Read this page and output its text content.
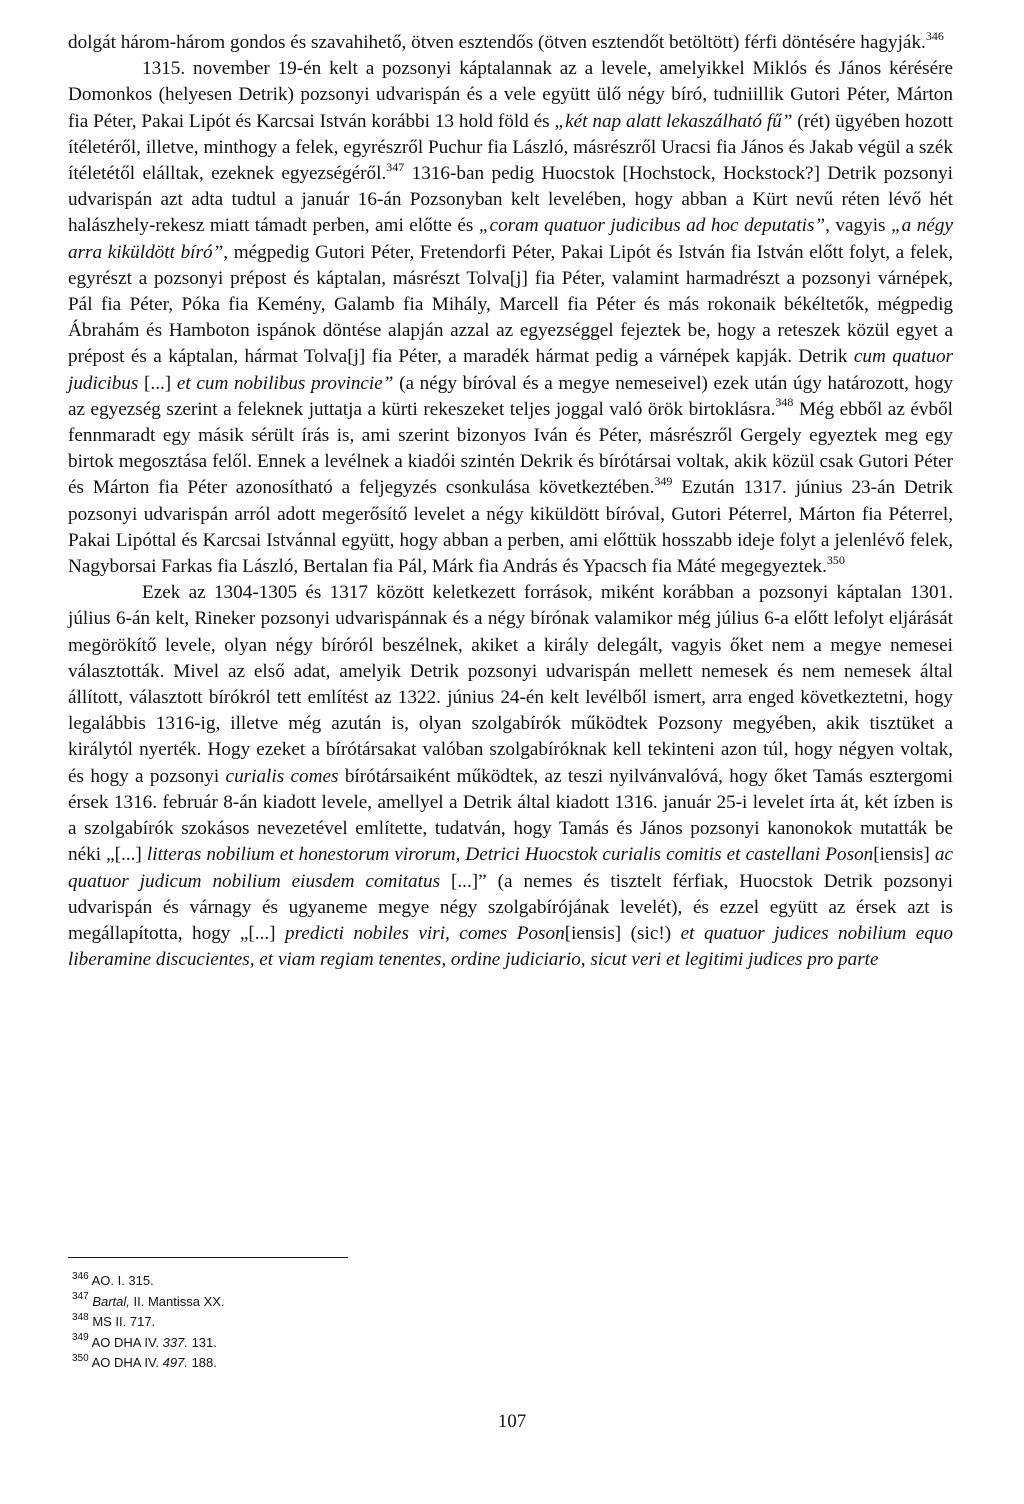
dolgát három-három gondos és szavahihető, ötven esztendős (ötven esztendőt betöltött) férfi döntésére hagyják.$^{346}$

1315. november 19-én kelt a pozsonyi káptalannak az a levele, amelyikkel Miklós és János kérésére Domonkos (helyesen Detrik) pozsonyi udvarispán és a vele együtt ülő négy bíró, tudniillik Gutori Péter, Márton fia Péter, Pakai Lipót és Karcsai István korábbi 13 hold föld és „két nap alatt lekaszálható fű” (rét) ügyében hozott ítéletéről, illetve, minthogy a felek, egyrészről Puchur fia László, másrészről Uracsi fia János és Jakab végül a szék ítéletétől elálltak, ezeknek egyezségéről.$^{347}$ 1316-ban pedig Huocstok [Hochstock, Hockstock?] Detrik pozsonyi udvarispán azt adta tudtul a január 16-án Pozsonyban kelt levelében, hogy abban a Kürt nevű réten lévő hét halászhely-rekesz miatt támadt perben, ami előtte és „coram quatuor judicibus ad hoc deputatis”, vagyis „a négy arra kiküldött bíró”, mégpedig Gutori Péter, Fretendorfi Péter, Pakai Lipót és István fia István előtt folyt, a felek, egyrészt a pozsonyi prépost és káptalan, másrészt Tolva[j] fia Péter, valamint harmadrészt a pozsonyi várnépek, Pál fia Péter, Póka fia Kemény, Galamb fia Mihály, Marcell fia Péter és más rokonaik békéltetők, mégpedig Ábrahám és Hamboton ispánok döntése alapján azzal az egyezséggel fejeztek be, hogy a reteszek közül egyet a prépost és a káptalan, hármat Tolva[j] fia Péter, a maradék hármat pedig a várnépek kapják. Detrik cum quatuor judicibus [...] et cum nobilibus provincie” (a négy bíróval és a megye nemeseivel) ezek után úgy határozott, hogy az egyezség szerint a feleknek juttatja a kürti rekeszeket teljes joggal való örök birtoklásra.$^{348}$ Még ebből az évből fennmaradt egy másik sérült írás is, ami szerint bizonyos Iván és Péter, másrészről Gergely egyeztek meg egy birtok megosztása felől. Ennek a levélnek a kiadói szintén Dekrik és bírótársai voltak, akik közül csak Gutori Péter és Márton fia Péter azonosítható a feljegyzés csonkulása következtében.$^{349}$ Ezután 1317. június 23-án Detrik pozsonyi udvarispán arról adott megerősítő levelet a négy kiküldött bíróval, Gutori Péterrel, Márton fia Péterrel, Pakai Lipóttal és Karcsai Istvánnal együtt, hogy abban a perben, ami előttük hosszabb ideje folyt a jelenlévő felek, Nagyborsai Farkas fia László, Bertalan fia Pál, Márk fia András és Ypacsch fia Máté megegyeztek.$^{350}$

Ezek az 1304-1305 és 1317 között keletkezett források, miként korábban a pozsonyi káptalan 1301. július 6-án kelt, Rineker pozsonyi udvarispánnak és a négy bírónak valamikor még július 6-a előtt lefolyt eljárását megörökítő levele, olyan négy bíróról beszélnek, akiket a király delegált, vagyis őket nem a megye nemesei választották. Mivel az első adat, amelyik Detrik pozsonyi udvarispán mellett nemesek és nem nemesek által állított, választott bírókról tett említést az 1322. június 24-én kelt levélből ismert, arra enged következtetni, hogy legalábbis 1316-ig, illetve még azután is, olyan szolgabírók működtek Pozsony megyében, akik tisztüket a királytól nyerték. Hogy ezeket a bírótársakat valóban szolgabíróknak kell tekinteni azon túl, hogy négyen voltak, és hogy a pozsonyi curialis comes bírótársaiként működtek, az teszi nyilvánvalóvá, hogy őket Tamás esztergomi érsek 1316. február 8-án kiadott levele, amellyel a Detrik által kiadott 1316. január 25-i levelet írta át, két ízben is a szolgabírók szokásos nevezetével említette, tudatván, hogy Tamás és János pozsonyi kanonokok mutatták be néki „[...] litteras nobilium et honestorum virorum, Detrici Huocstok curialis comitis et castellani Poson[iensis] ac quatuor judicum nobilium eiusdem comitatus [...]” (a nemes és tisztelt férfiak, Huocstok Detrik pozsonyi udvarispán és várnagy és ugyaneme megye négy szolgabírójának levelét), és ezzel együtt az érsek azt is megállapította, hogy „[...] predicti nobiles viri, comes Poson[iensis] (sic!) et quatuor judices nobilium equo liberamine discucientes, et viam regiam tenentes, ordine judiciario, sicut veri et legitimi judices pro parte

$^{346}$ AO. I. 315.
$^{347}$ Bartal, II. Mantissa XX.
$^{348}$ MS II. 717.
$^{349}$ AO DHA IV. 337. 131.
$^{350}$ AO DHA IV. 497. 188.
107
